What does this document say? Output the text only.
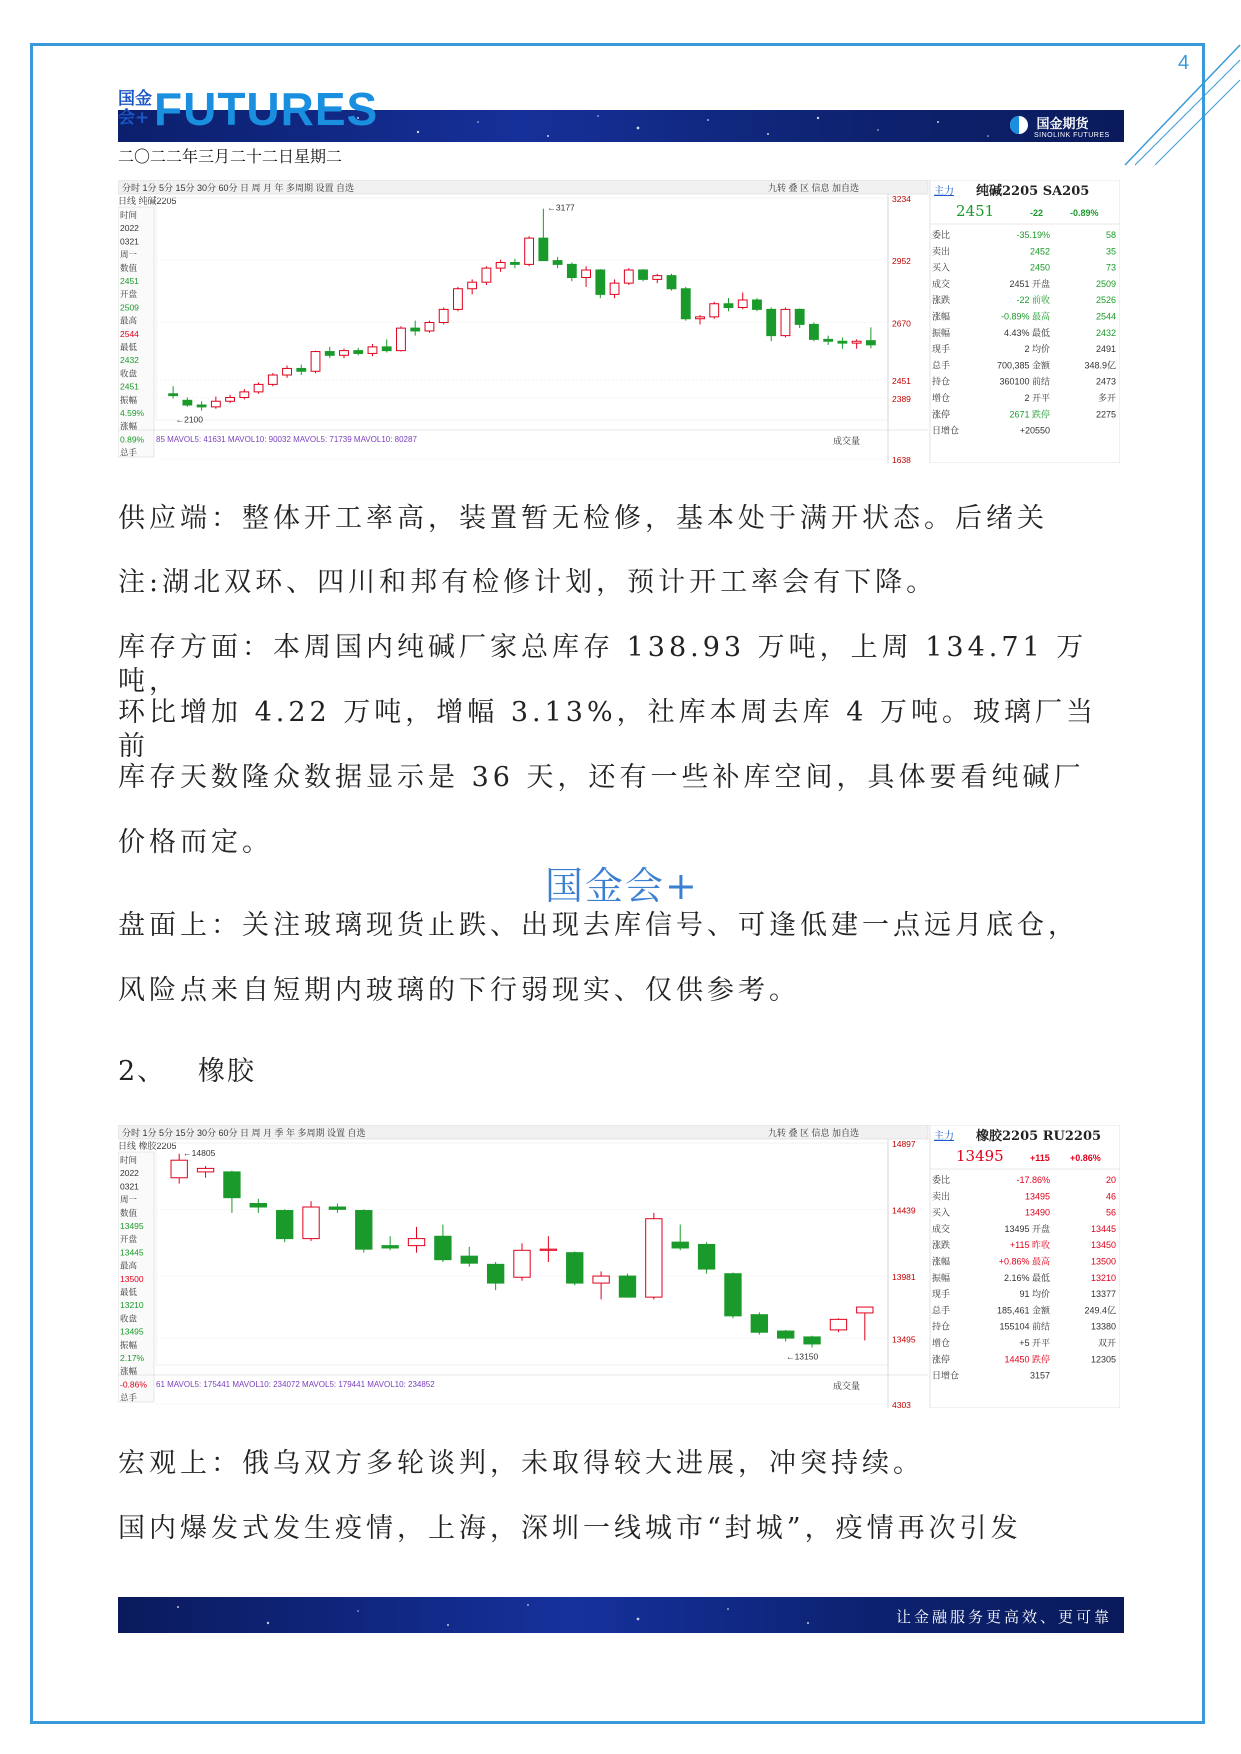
4
国金会+ FUTURES	国金期货
SINOLINK FUTURES
二〇二二年三月二十二日星期二
分时 1分 5分 15分 30分 60分 日 周 月 年 多周期 设置 自选	九转 叠 区 信息 加自选
日线 纯碱2205
时间
2022
0321
周一
数值
2451
开盘
2509
最高
2544
最低
2432
收盘
2451
振幅
4.59%
涨幅
0.89%
总手
3234
2952
2670
2451
2389
1638
←3177
←2100
85 MAVOL5: 41631 MAVOL10: 90032 MAVOL5: 71739 MAVOL10: 80287	成交量
主力 纯碱2205 SA205
2451	-22	-0.89%
委比	-35.19%	58
卖出	2452	35
买入	2450	73
成交	2451 开盘	2509
涨跌	-22 前收	2526
涨幅	-0.89% 最高	2544
振幅	4.43% 最低	2432
现手	2 均价	2491
总手	700,385 金额	348.9亿
持仓	360100 前结	2473
增仓	2 开平	多开
涨停	2671 跌停	2275
日增仓	+20550
供应端：整体开工率高，装置暂无检修，基本处于满开状态。后绪关
注:湖北双环、四川和邦有检修计划，预计开工率会有下降。
库存方面：本周国内纯碱厂家总库存 138.93 万吨，上周 134.71 万吨，
环比增加 4.22 万吨，增幅 3.13%，社库本周去库 4 万吨。玻璃厂当前
库存天数隆众数据显示是 36 天，还有一些补库空间，具体要看纯碱厂
价格而定。
国金会+
盘面上：关注玻璃现货止跌、出现去库信号、可逢低建一点远月底仓，
风险点来自短期内玻璃的下行弱现实、仅供参考。
2、   橡胶
分时 1分 5分 15分 30分 60分 日 周 月 季 年 多周期 设置 自选	九转 叠 区 信息 加自选
日线 橡胶2205
时间
2022
0321
周一
数值
13495
开盘
13445
最高
13500
最低
13210
收盘
13495
振幅
2.17%
涨幅
-0.86%
总手
14897
14439
13981
13495
4303
←14805
←13150
61 MAVOL5: 175441 MAVOL10: 234072 MAVOL5: 179441 MAVOL10: 234852	成交量
主力 橡胶2205 RU2205
13495	+115 +0.86%
委比	-17.86%	20
卖出	13495	46
买入	13490	56
成交	13495 开盘	13445
涨跌	+115 昨收	13450
涨幅	+0.86% 最高	13500
振幅	2.16% 最低	13210
现手	91 均价	13377
总手	185,461 金额	249.4亿
持仓	155104 前结	13380
增仓	+5 开平	双开
涨停	14450 跌停	12305
日增仓	3157
宏观上：俄乌双方多轮谈判，未取得较大进展，冲突持续。
国内爆发式发生疫情，上海，深圳一线城市“封城”，疫情再次引发
让金融服务更高效、更可靠
